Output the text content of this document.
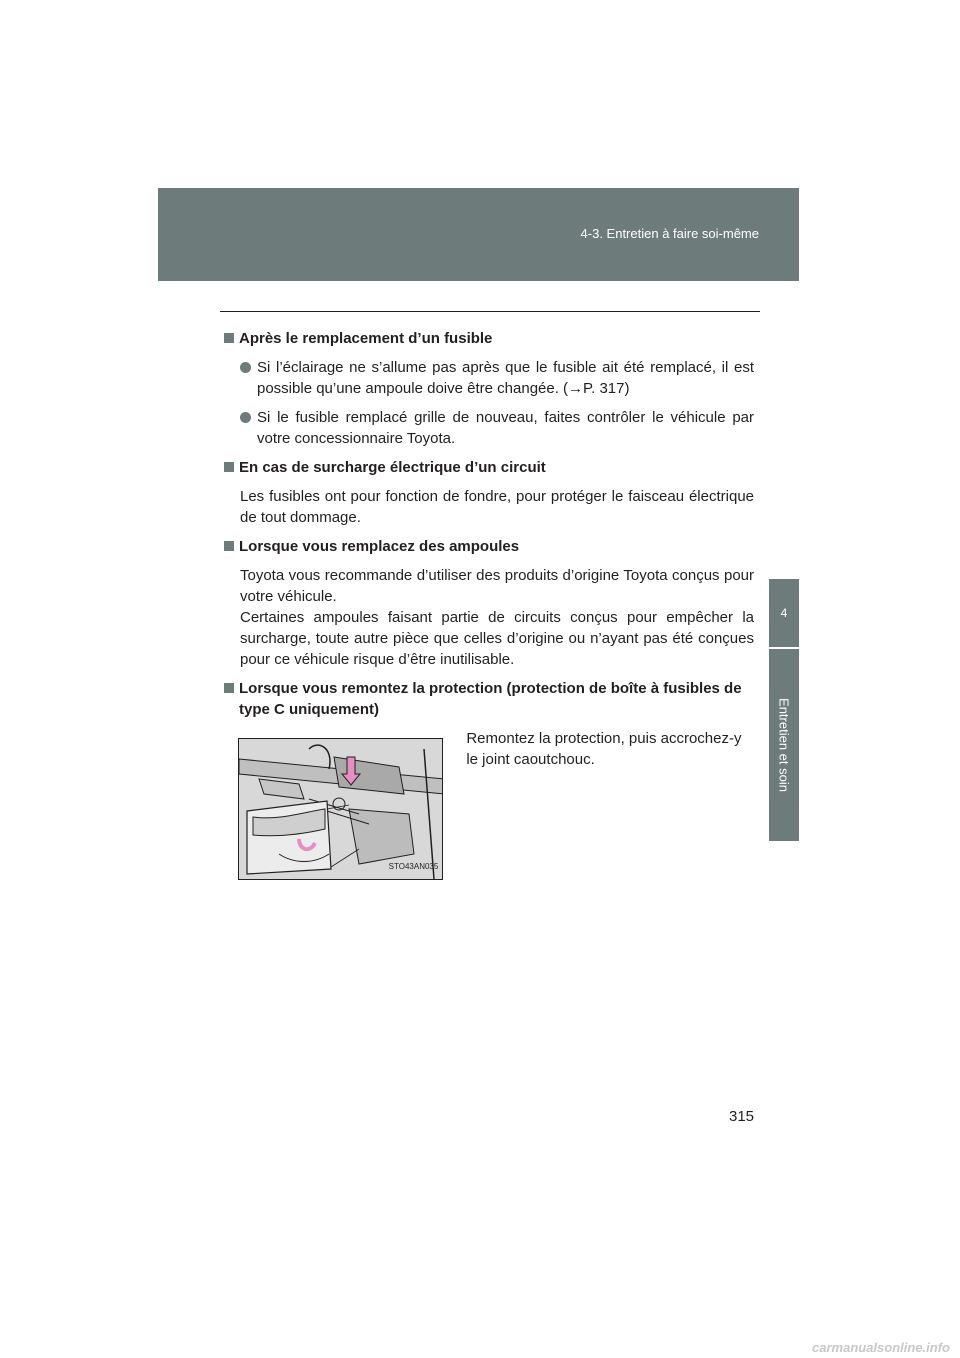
4-3. Entretien à faire soi-même
4
Entretien et soin
Après le remplacement d’un fusible
Si l’éclairage ne s’allume pas après que le fusible ait été remplacé, il est possible qu’une ampoule doive être changée. (→P. 317)
Si le fusible remplacé grille de nouveau, faites contrôler le véhicule par votre concessionnaire Toyota.
En cas de surcharge électrique d’un circuit
Les fusibles ont pour fonction de fondre, pour protéger le faisceau électrique de tout dommage.
Lorsque vous remplacez des ampoules
Toyota vous recommande d’utiliser des produits d’origine Toyota conçus pour votre véhicule.
Certaines ampoules faisant partie de circuits conçus pour empêcher la surcharge, toute autre pièce que celles d’origine ou n’ayant pas été conçues pour ce véhicule risque d’être inutilisable.
Lorsque vous remontez la protection (protection de boîte à fusibles de type C uniquement)
STO43AN035
Remontez la protection, puis accrochez-y le joint caoutchouc.
315
carmanualsonline.info
